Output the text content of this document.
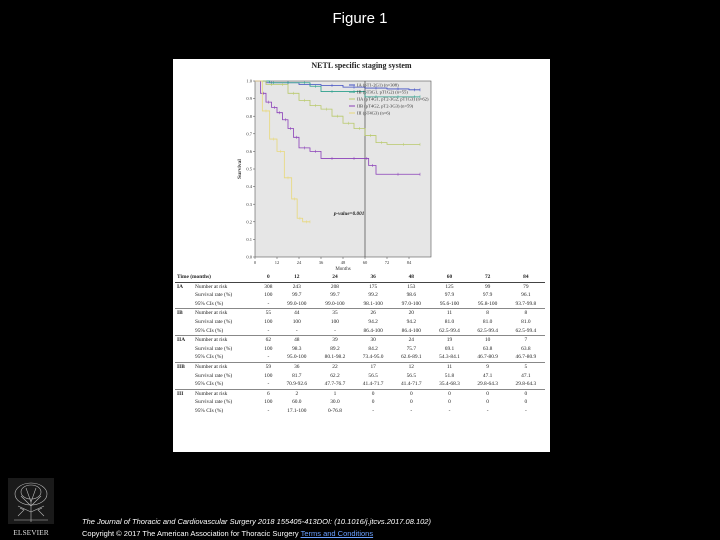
Figure 1
NETL specific staging system
0.0
0.1
0.2
0.3
0.4
0.5
0.6
0.7
0.8
0.9
1.0
0	12	24	36	48	60	72	84
Months
Survival
IA (pT1-2G1) (n=308)
IB (pT3G1, pT1G2) (n=55)
IIA (pT4G1, pT2-3G2, pT1G3) (n=62)
IIB (pT4G2, pT2-3G3) (n=59)
III (pT4G3) (n=6)
p-value=0.001
Time (months)		0	12	24	36	48	60	72	84
IA	Number at risk	308	243	208	175	153	125	99	79
	Survival rate (%)	100	99.7	99.7	99.2	98.6	97.9	97.9	96.1
	95% CIs (%)	-	99.0-100	99.0-100	98.1-100	97.0-100	95.6-100	95.8-100	93.7-99.8
IB	Number at risk	55	44	35	26	20	11	8	8
	Survival rate (%)	100	100	100	94.2	94.2	81.0	81.0	81.0
	95% CIs (%)	-	-	-	86.4-100	86.4-100	62.5-99.4	62.5-99.4	62.5-99.4
IIA	Number at risk	62	48	39	30	24	19	10	7
	Survival rate (%)	100	98.3	89.2	84.2	75.7	69.1	63.8	63.8
	95% CIs (%)	-	95.0-100	80.1-98.2	73.4-95.0	62.6-89.1	54.3-84.1	46.7-80.9	46.7-80.9
IIB	Number at risk	59	36	22	17	12	11	9	5
	Survival rate (%)	100	81.7	62.2	56.5	56.5	51.8	47.1	47.1
	95% CIs (%)	-	70.9-92.6	47.7-76.7	41.4-71.7	41.4-71.7	35.4-68.3	29.8-64.3	29.8-64.3
III	Number at risk	6	2	1	0	0	0	0	0
	Survival rate (%)	100	60.0	30.0	0	0	0	0	0
	95% CIs (%)	-	17.1-100	0-76.8	-	-	-	-	-
ELSEVIER
The Journal of Thoracic and Cardiovascular Surgery 2018 155405-413DOI: (10.1016/j.jtcvs.2017.08.102)
Copyright © 2017 The American Association for Thoracic Surgery Terms and Conditions
